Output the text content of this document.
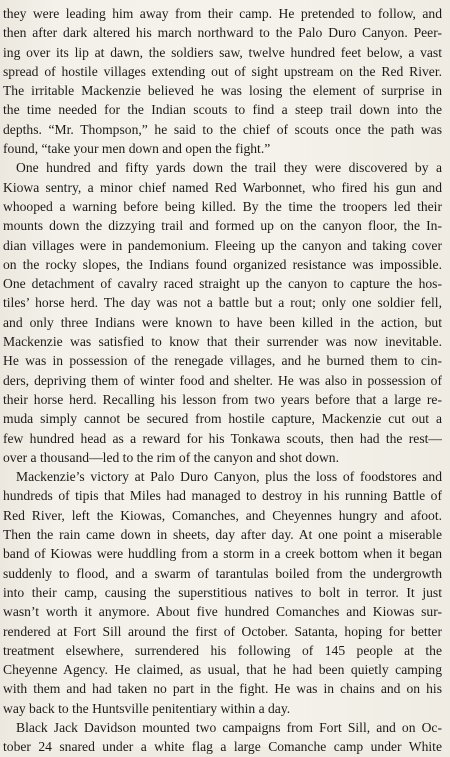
they were leading him away from their camp. He pretended to follow, and
then after dark altered his march northward to the Palo Duro Canyon. Peer-
ing over its lip at dawn, the soldiers saw, twelve hundred feet below, a vast
spread of hostile villages extending out of sight upstream on the Red River.
The irritable Mackenzie believed he was losing the element of surprise in
the time needed for the Indian scouts to find a steep trail down into the
depths. “Mr. Thompson,” he said to the chief of scouts once the path was
found, “take your men down and open the fight.”
One hundred and fifty yards down the trail they were discovered by a
Kiowa sentry, a minor chief named Red Warbonnet, who fired his gun and
whooped a warning before being killed. By the time the troopers led their
mounts down the dizzying trail and formed up on the canyon floor, the In-
dian villages were in pandemonium. Fleeing up the canyon and taking cover
on the rocky slopes, the Indians found organized resistance was impossible.
One detachment of cavalry raced straight up the canyon to capture the hos-
tiles’ horse herd. The day was not a battle but a rout; only one soldier fell,
and only three Indians were known to have been killed in the action, but
Mackenzie was satisfied to know that their surrender was now inevitable.
He was in possession of the renegade villages, and he burned them to cin-
ders, depriving them of winter food and shelter. He was also in possession of
their horse herd. Recalling his lesson from two years before that a large re-
muda simply cannot be secured from hostile capture, Mackenzie cut out a
few hundred head as a reward for his Tonkawa scouts, then had the rest—
over a thousand—led to the rim of the canyon and shot down.
Mackenzie’s victory at Palo Duro Canyon, plus the loss of foodstores and
hundreds of tipis that Miles had managed to destroy in his running Battle of
Red River, left the Kiowas, Comanches, and Cheyennes hungry and afoot.
Then the rain came down in sheets, day after day. At one point a miserable
band of Kiowas were huddling from a storm in a creek bottom when it began
suddenly to flood, and a swarm of tarantulas boiled from the undergrowth
into their camp, causing the superstitious natives to bolt in terror. It just
wasn’t worth it anymore. About five hundred Comanches and Kiowas sur-
rendered at Fort Sill around the first of October. Satanta, hoping for better
treatment elsewhere, surrendered his following of 145 people at the
Cheyenne Agency. He claimed, as usual, that he had been quietly camping
with them and had taken no part in the fight. He was in chains and on his
way back to the Huntsville penitentiary within a day.
Black Jack Davidson mounted two campaigns from Fort Sill, and on Oc-
tober 24 snared under a white flag a large Comanche camp under White
